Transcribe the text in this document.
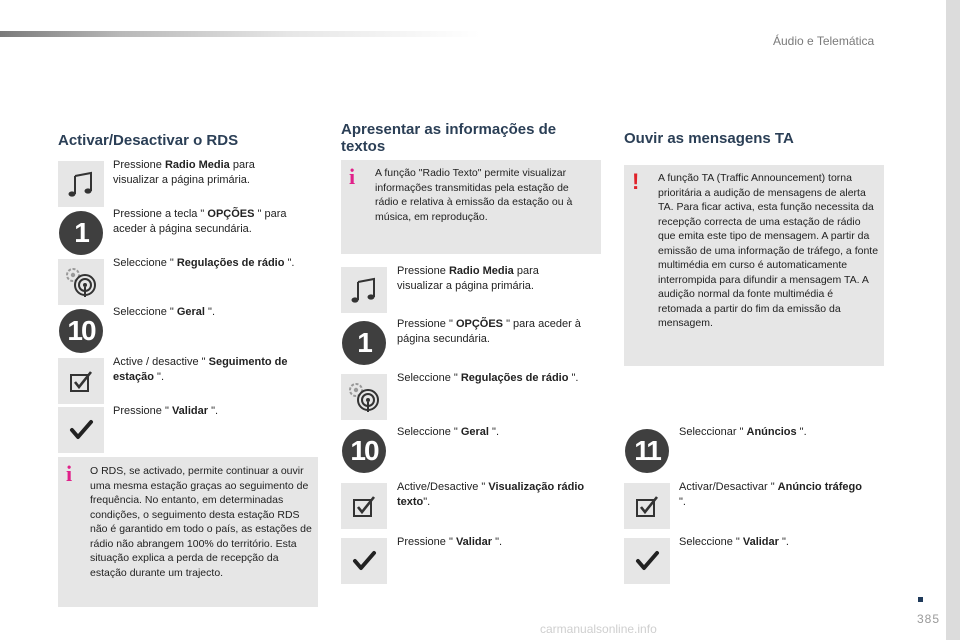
Áudio e Telemática
385
carmanualsonline.info
Activar/Desactivar o RDS
Pressione Radio Media para visualizar a página primária.
1
Pressione a tecla " OPÇÕES " para aceder à página secundária.
Seleccione " Regulações de rádio ".
10
Seleccione " Geral ".
Active / desactive " Seguimento de estação ".
Pressione " Validar ".
i O RDS, se activado, permite continuar a ouvir uma mesma estação graças ao seguimento de frequência. No entanto, em determinadas condições, o seguimento desta estação RDS não é garantido em todo o país, as estações de rádio não abrangem 100% do território. Esta situação explica a perda de recepção da estação durante um trajecto.
Apresentar as informações de textos
i A função "Radio Texto" permite visualizar informações transmitidas pela estação de rádio e relativa à emissão da estação ou à música, em reprodução.
Pressione Radio Media para visualizar a página primária.
1
Pressione " OPÇÕES " para aceder à página secundária.
Seleccione " Regulações de rádio ".
10
Seleccione " Geral ".
Active/Desactive " Visualização rádio texto".
Pressione " Validar ".
Ouvir as mensagens TA
! A função TA (Traffic Announcement) torna prioritária a audição de mensagens de alerta TA. Para ficar activa, esta função necessita da recepção correcta de uma estação de rádio que emita este tipo de mensagem. A partir da emissão de uma informação de tráfego, a fonte multimédia em curso é automaticamente interrompida para difundir a mensagem TA. A audição normal da fonte multimédia é retomada a partir do fim da emissão da mensagem.
11
Seleccionar " Anúncios ".
Activar/Desactivar " Anúncio tráfego ".
Seleccione " Validar ".
